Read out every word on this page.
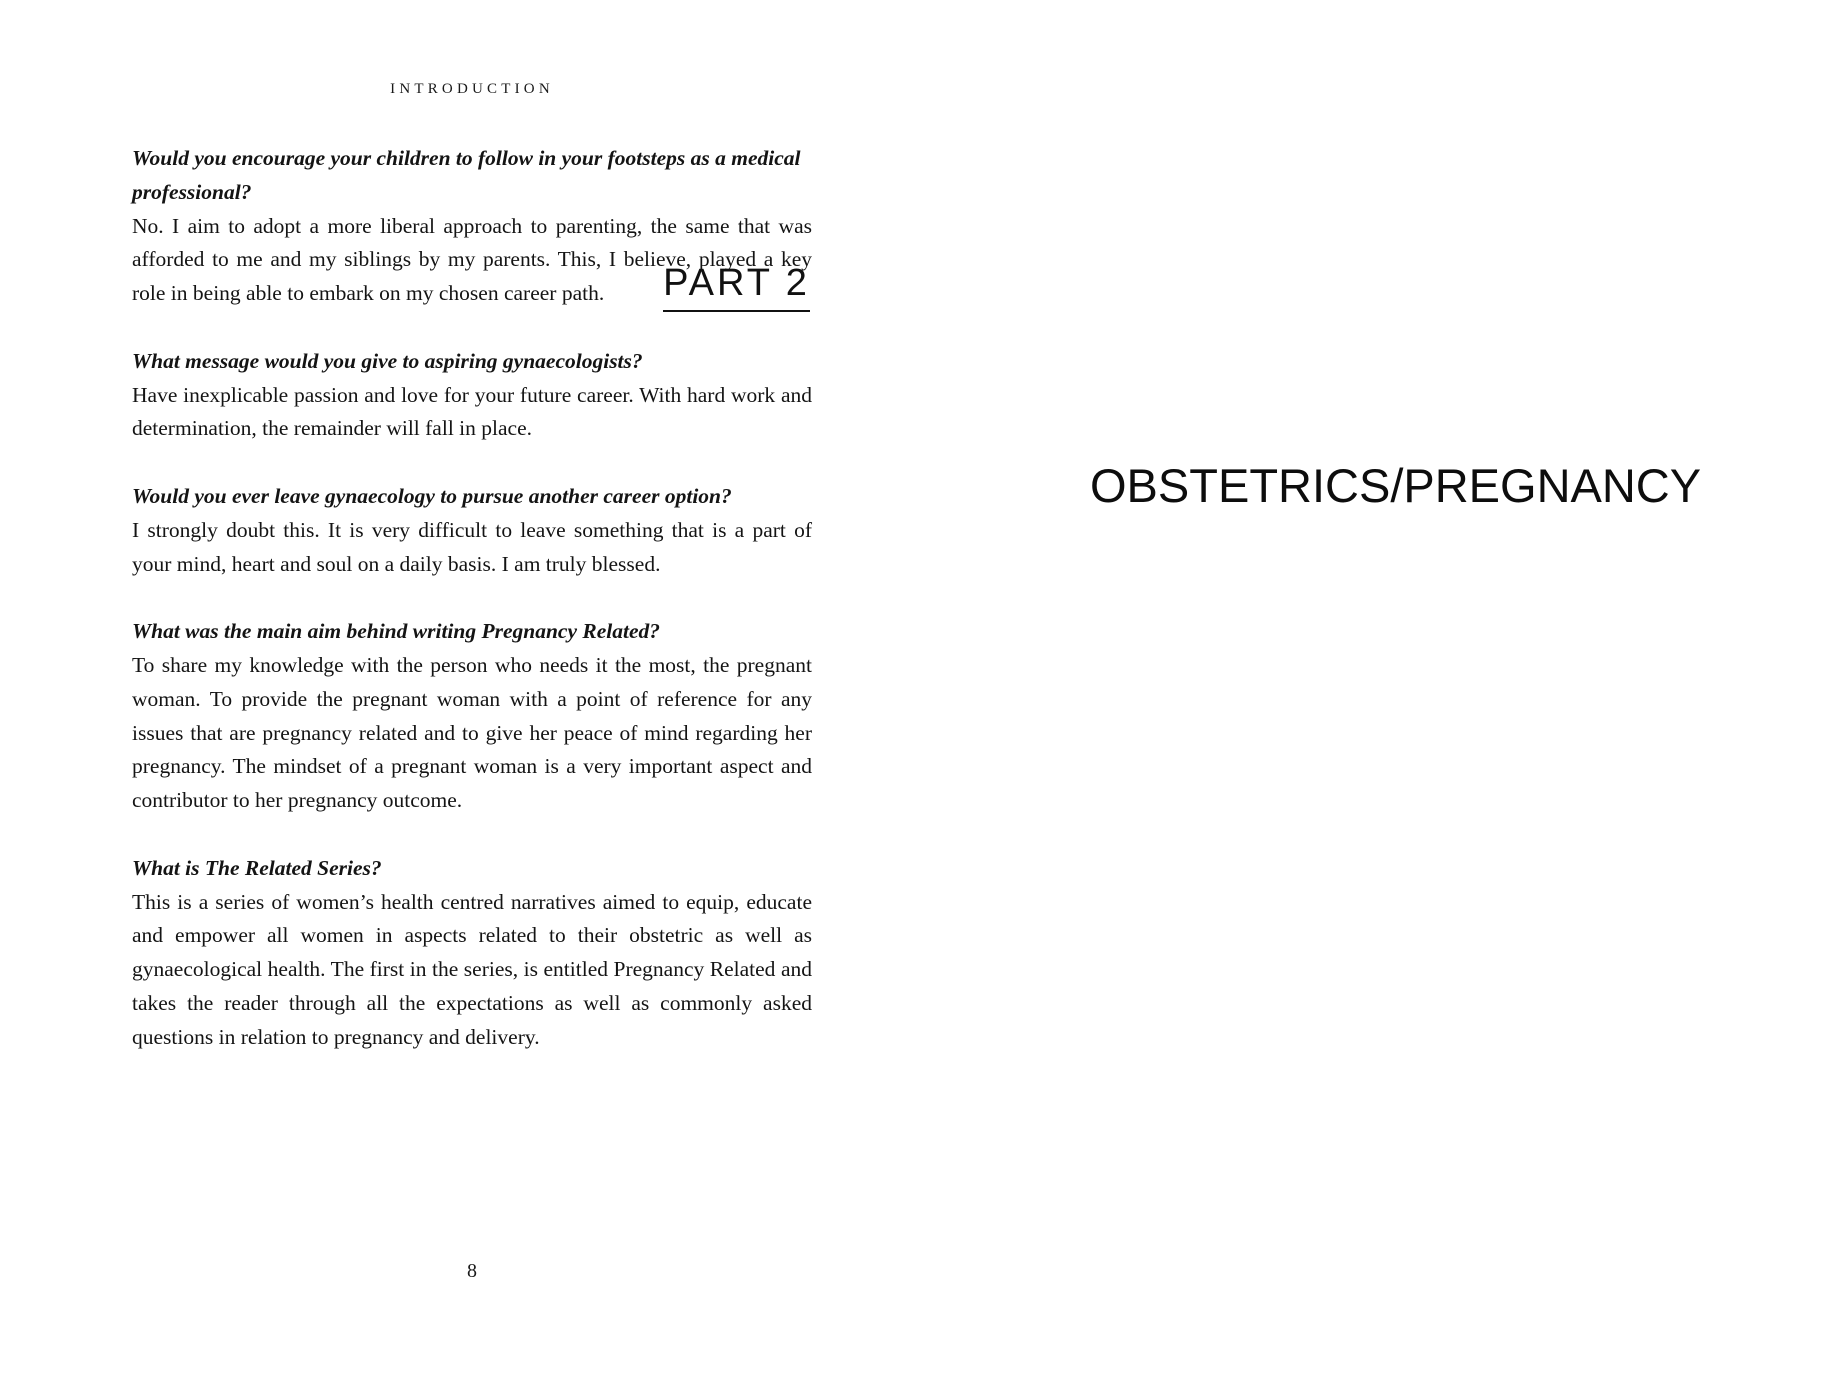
INTRODUCTION

Would you encourage your children to follow in your footsteps as a medical professional?

No. I aim to adopt a more liberal approach to parenting, the same that was afforded to me and my siblings by my parents. This, I believe, played a key role in being able to embark on my chosen career path.

What message would you give to aspiring gynaecologists?

Have inexplicable passion and love for your future career. With hard work and determination, the remainder will fall in place.

Would you ever leave gynaecology to pursue another career option?

I strongly doubt this. It is very difficult to leave something that is a part of your mind, heart and soul on a daily basis. I am truly blessed.

What was the main aim behind writing Pregnancy Related?

To share my knowledge with the person who needs it the most, the pregnant woman. To provide the pregnant woman with a point of reference for any issues that are pregnancy related and to give her peace of mind regarding her pregnancy. The mindset of a pregnant woman is a very important aspect and contributor to her pregnancy outcome.

What is The Related Series?

This is a series of women’s health centred narratives aimed to equip, educate and empower all women in aspects related to their obstetric as well as gynaecological health. The first in the series, is entitled Pregnancy Related and takes the reader through all the expectations as well as commonly asked questions in relation to pregnancy and delivery.

8
PART 2
OBSTETRICS/PREGNANCY
